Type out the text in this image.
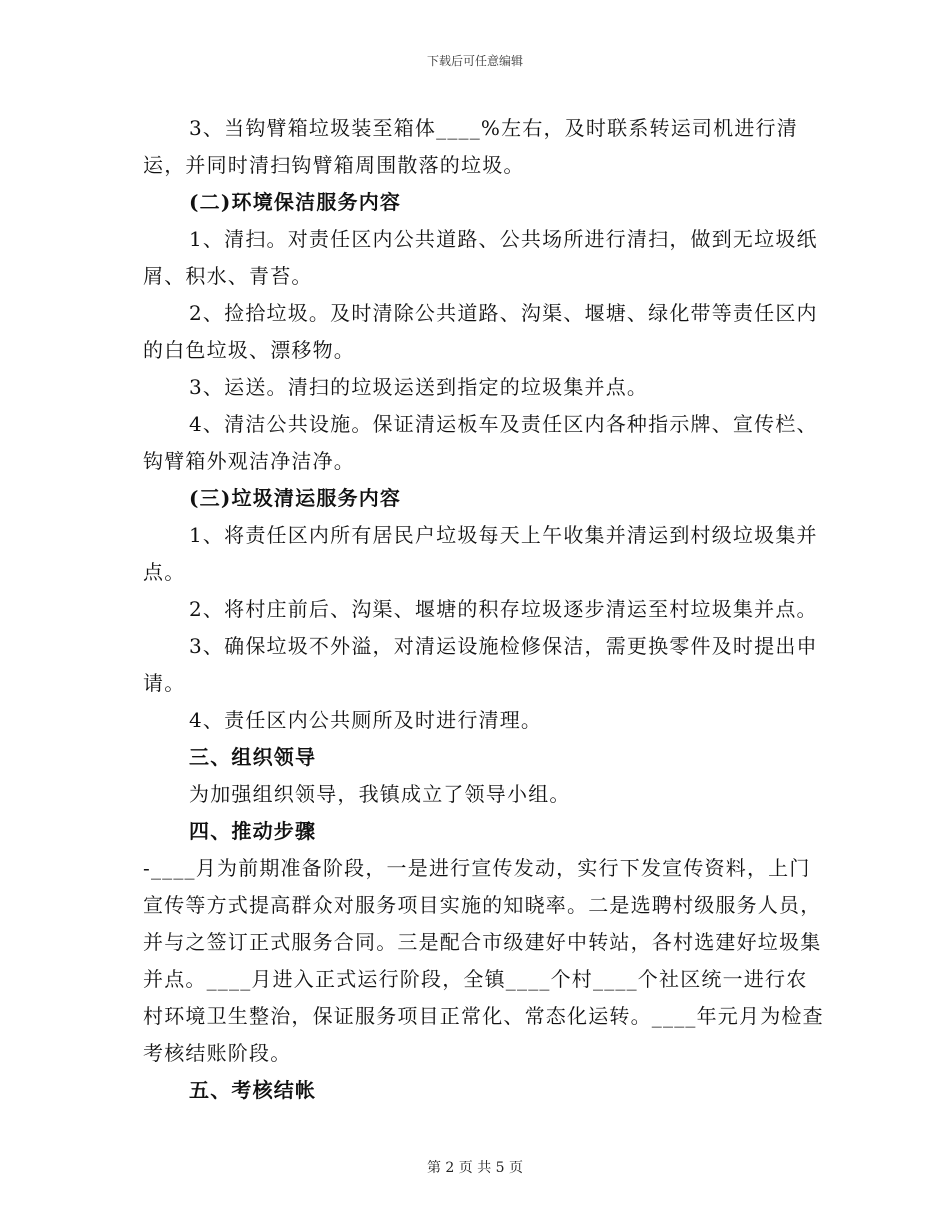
下载后可任意编辑

3、当钩臂箱垃圾装至箱体____%左右，及时联系转运司机进行清运，并同时清扫钩臂箱周围散落的垃圾。

(二)环境保洁服务内容

1、清扫。对责任区内公共道路、公共场所进行清扫，做到无垃圾纸屑、积水、青苔。

2、捡拾垃圾。及时清除公共道路、沟渠、堰塘、绿化带等责任区内的白色垃圾、漂移物。

3、运送。清扫的垃圾运送到指定的垃圾集并点。

4、清洁公共设施。保证清运板车及责任区内各种指示牌、宣传栏、钩臂箱外观洁净洁净。

(三)垃圾清运服务内容

1、将责任区内所有居民户垃圾每天上午收集并清运到村级垃圾集并点。

2、将村庄前后、沟渠、堰塘的积存垃圾逐步清运至村垃圾集并点。

3、确保垃圾不外溢，对清运设施检修保洁，需更换零件及时提出申请。

4、责任区内公共厕所及时进行清理。

三、组织领导

为加强组织领导，我镇成立了领导小组。

四、推动步骤

-____月为前期准备阶段，一是进行宣传发动，实行下发宣传资料，上门宣传等方式提高群众对服务项目实施的知晓率。二是选聘村级服务人员，并与之签订正式服务合同。三是配合市级建好中转站，各村选建好垃圾集并点。____月进入正式运行阶段，全镇____个村____个社区统一进行农村环境卫生整治，保证服务项目正常化、常态化运转。____年元月为检查考核结账阶段。

五、考核结帐

第 2 页 共 5 页
